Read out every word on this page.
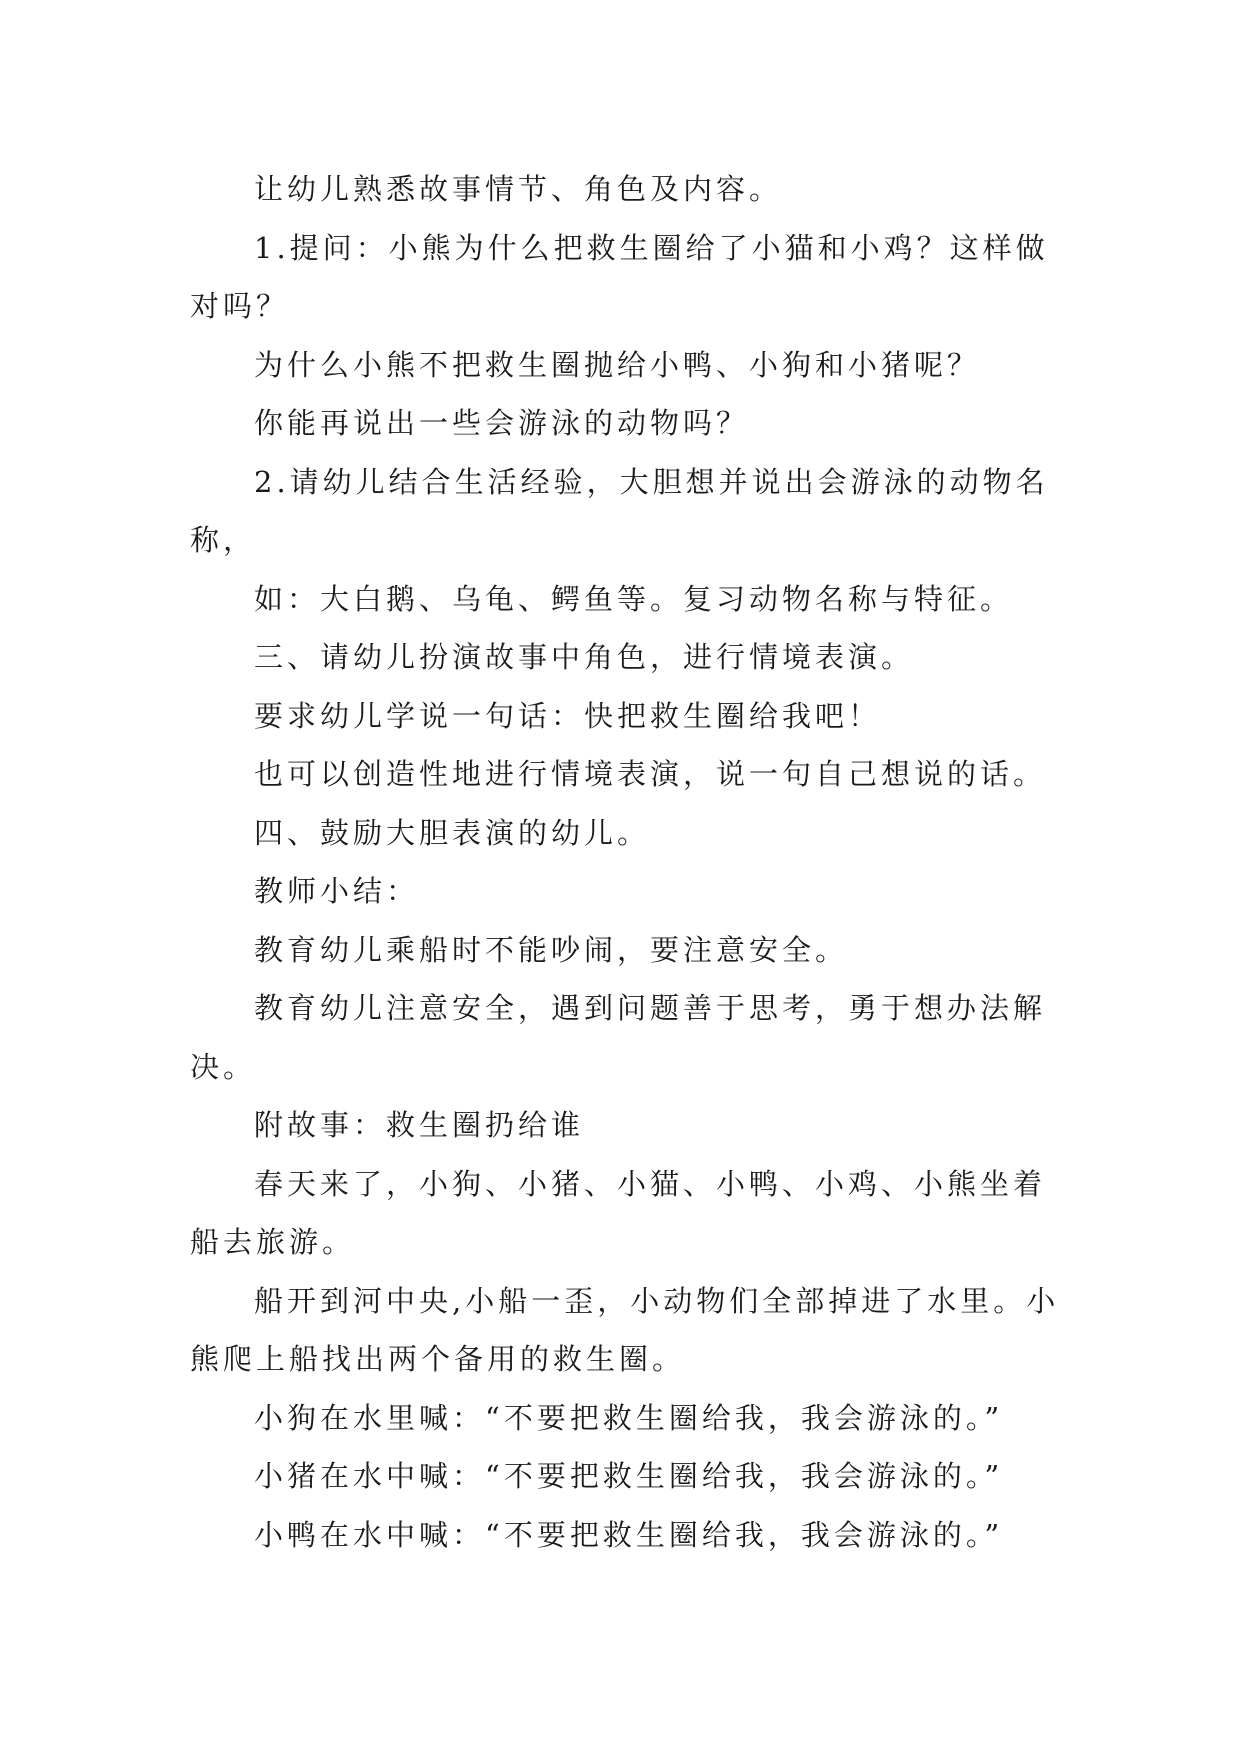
让幼儿熟悉故事情节、角色及内容。

1.提问：小熊为什么把救生圈给了小猫和小鸡？这样做对吗？

为什么小熊不把救生圈抛给小鸭、小狗和小猪呢？

你能再说出一些会游泳的动物吗？

2.请幼儿结合生活经验，大胆想并说出会游泳的动物名称，

如：大白鹅、乌龟、鳄鱼等。复习动物名称与特征。

三、请幼儿扮演故事中角色，进行情境表演。

要求幼儿学说一句话：快把救生圈给我吧！

也可以创造性地进行情境表演，说一句自己想说的话。

四、鼓励大胆表演的幼儿。

教师小结：

教育幼儿乘船时不能吵闹，要注意安全。

教育幼儿注意安全，遇到问题善于思考，勇于想办法解决。

附故事：救生圈扔给谁

春天来了，小狗、小猪、小猫、小鸭、小鸡、小熊坐着船去旅游。

船开到河中央,小船一歪，小动物们全部掉进了水里。小熊爬上船找出两个备用的救生圈。

小狗在水里喊：“不要把救生圈给我，我会游泳的。”

小猪在水中喊：“不要把救生圈给我，我会游泳的。”

小鸭在水中喊：“不要把救生圈给我，我会游泳的。”
